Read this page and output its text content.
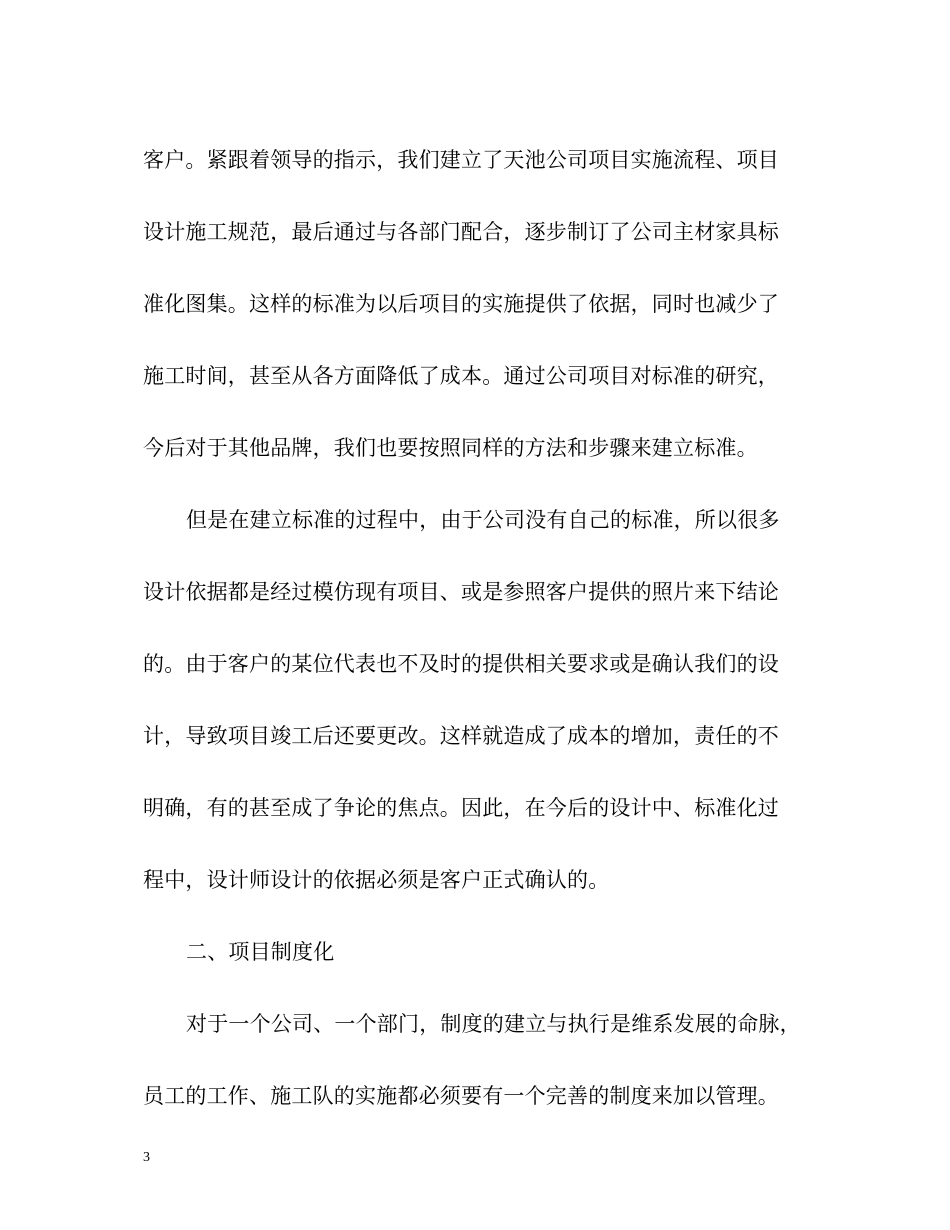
客户。紧跟着领导的指示，我们建立了天池公司项目实施流程、项目
设计施工规范，最后通过与各部门配合，逐步制订了公司主材家具标
准化图集。这样的标准为以后项目的实施提供了依据，同时也减少了
施工时间，甚至从各方面降低了成本。通过公司项目对标准的研究，
今后对于其他品牌，我们也要按照同样的方法和步骤来建立标准。
但是在建立标准的过程中，由于公司没有自己的标准，所以很多
设计依据都是经过模仿现有项目、或是参照客户提供的照片来下结论
的。由于客户的某位代表也不及时的提供相关要求或是确认我们的设
计，导致项目竣工后还要更改。这样就造成了成本的增加，责任的不
明确，有的甚至成了争论的焦点。因此，在今后的设计中、标准化过
程中，设计师设计的依据必须是客户正式确认的。
二、项目制度化
对于一个公司、一个部门，制度的建立与执行是维系发展的命脉，
员工的工作、施工队的实施都必须要有一个完善的制度来加以管理。
3
